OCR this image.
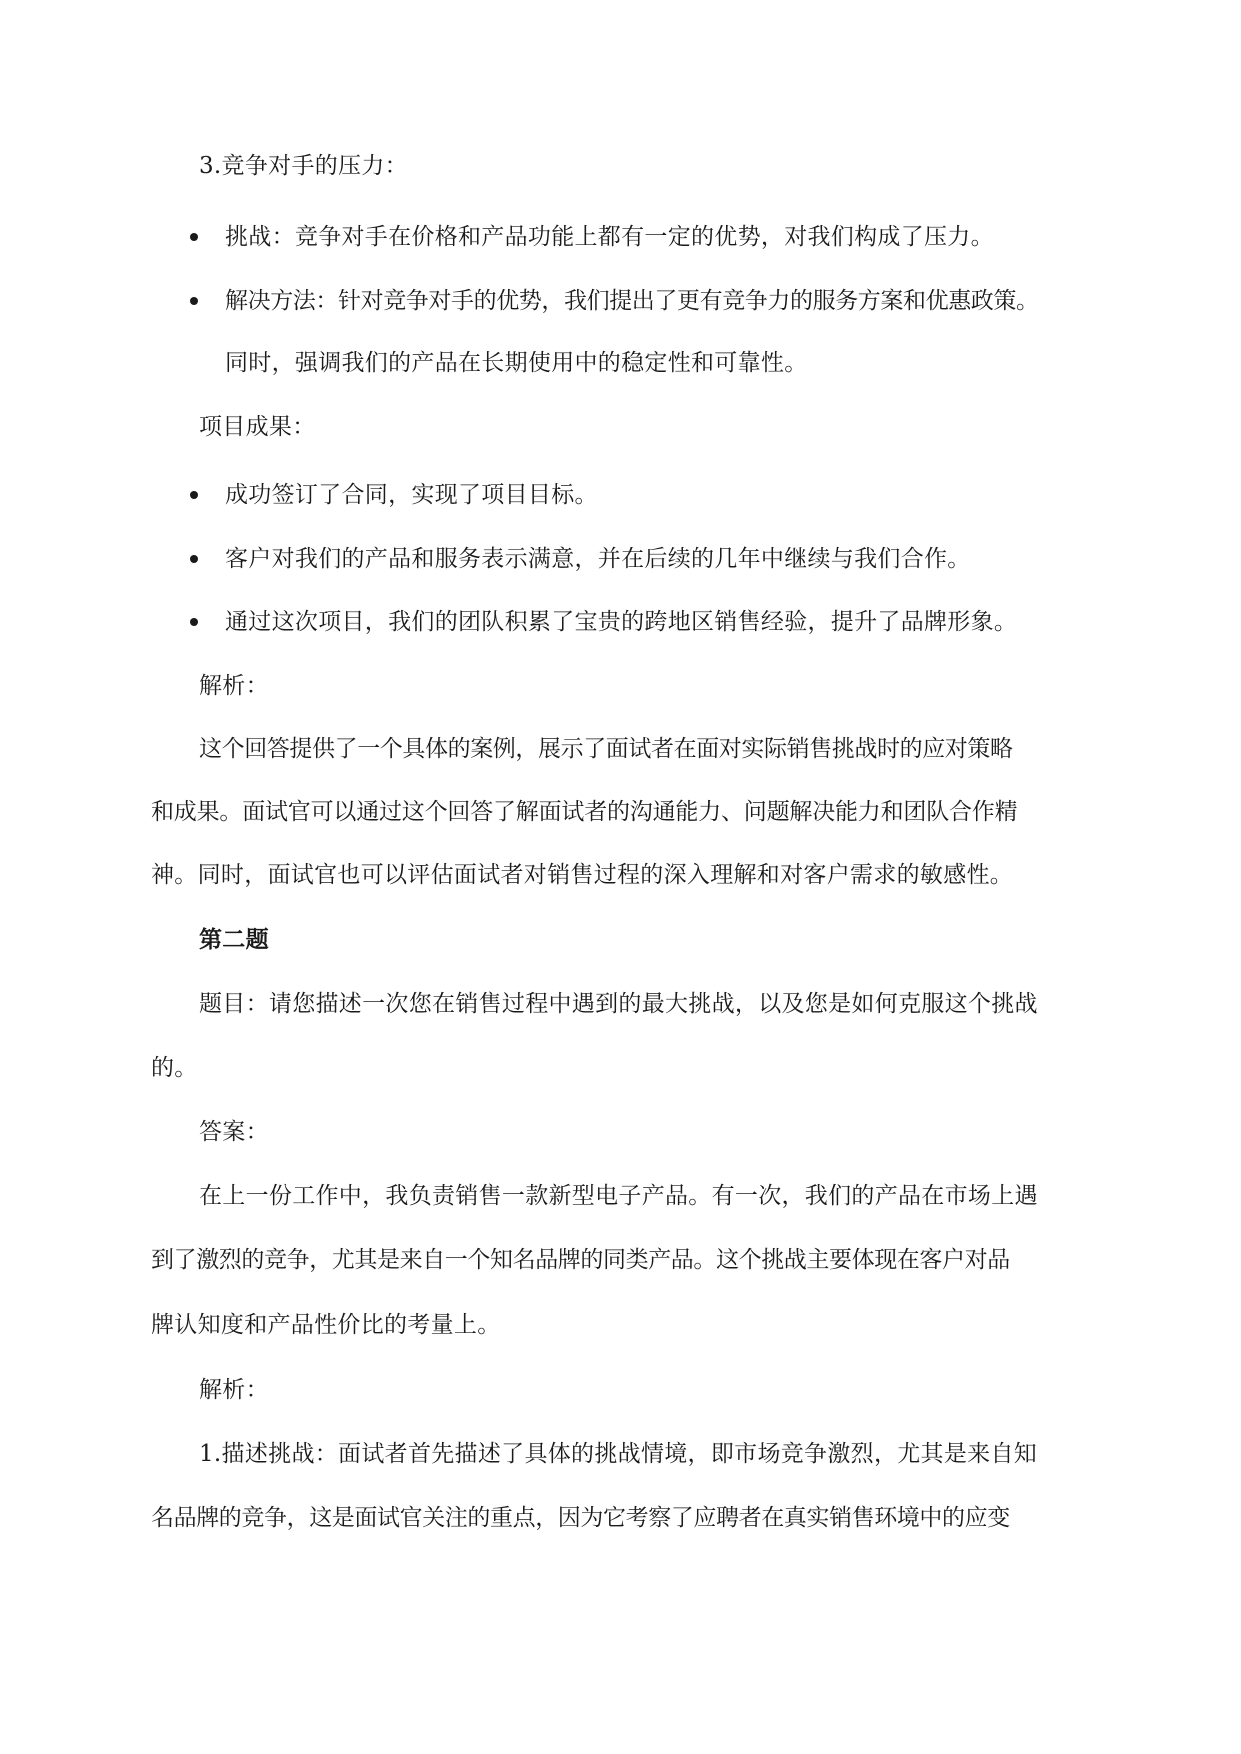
3.竞争对手的压力：
挑战：竞争对手在价格和产品功能上都有一定的优势，对我们构成了压力。
解决方法：针对竞争对手的优势，我们提出了更有竞争力的服务方案和优惠政策。
同时，强调我们的产品在长期使用中的稳定性和可靠性。
项目成果：
成功签订了合同，实现了项目目标。
客户对我们的产品和服务表示满意，并在后续的几年中继续与我们合作。
通过这次项目，我们的团队积累了宝贵的跨地区销售经验，提升了品牌形象。
解析：
这个回答提供了一个具体的案例，展示了面试者在面对实际销售挑战时的应对策略
和成果。面试官可以通过这个回答了解面试者的沟通能力、问题解决能力和团队合作精
神。同时，面试官也可以评估面试者对销售过程的深入理解和对客户需求的敏感性。
第二题
题目：请您描述一次您在销售过程中遇到的最大挑战，以及您是如何克服这个挑战
的。
答案：
在上一份工作中，我负责销售一款新型电子产品。有一次，我们的产品在市场上遇
到了激烈的竞争，尤其是来自一个知名品牌的同类产品。这个挑战主要体现在客户对品
牌认知度和产品性价比的考量上。
解析：
1.描述挑战：面试者首先描述了具体的挑战情境，即市场竞争激烈，尤其是来自知
名品牌的竞争，这是面试官关注的重点，因为它考察了应聘者在真实销售环境中的应变
